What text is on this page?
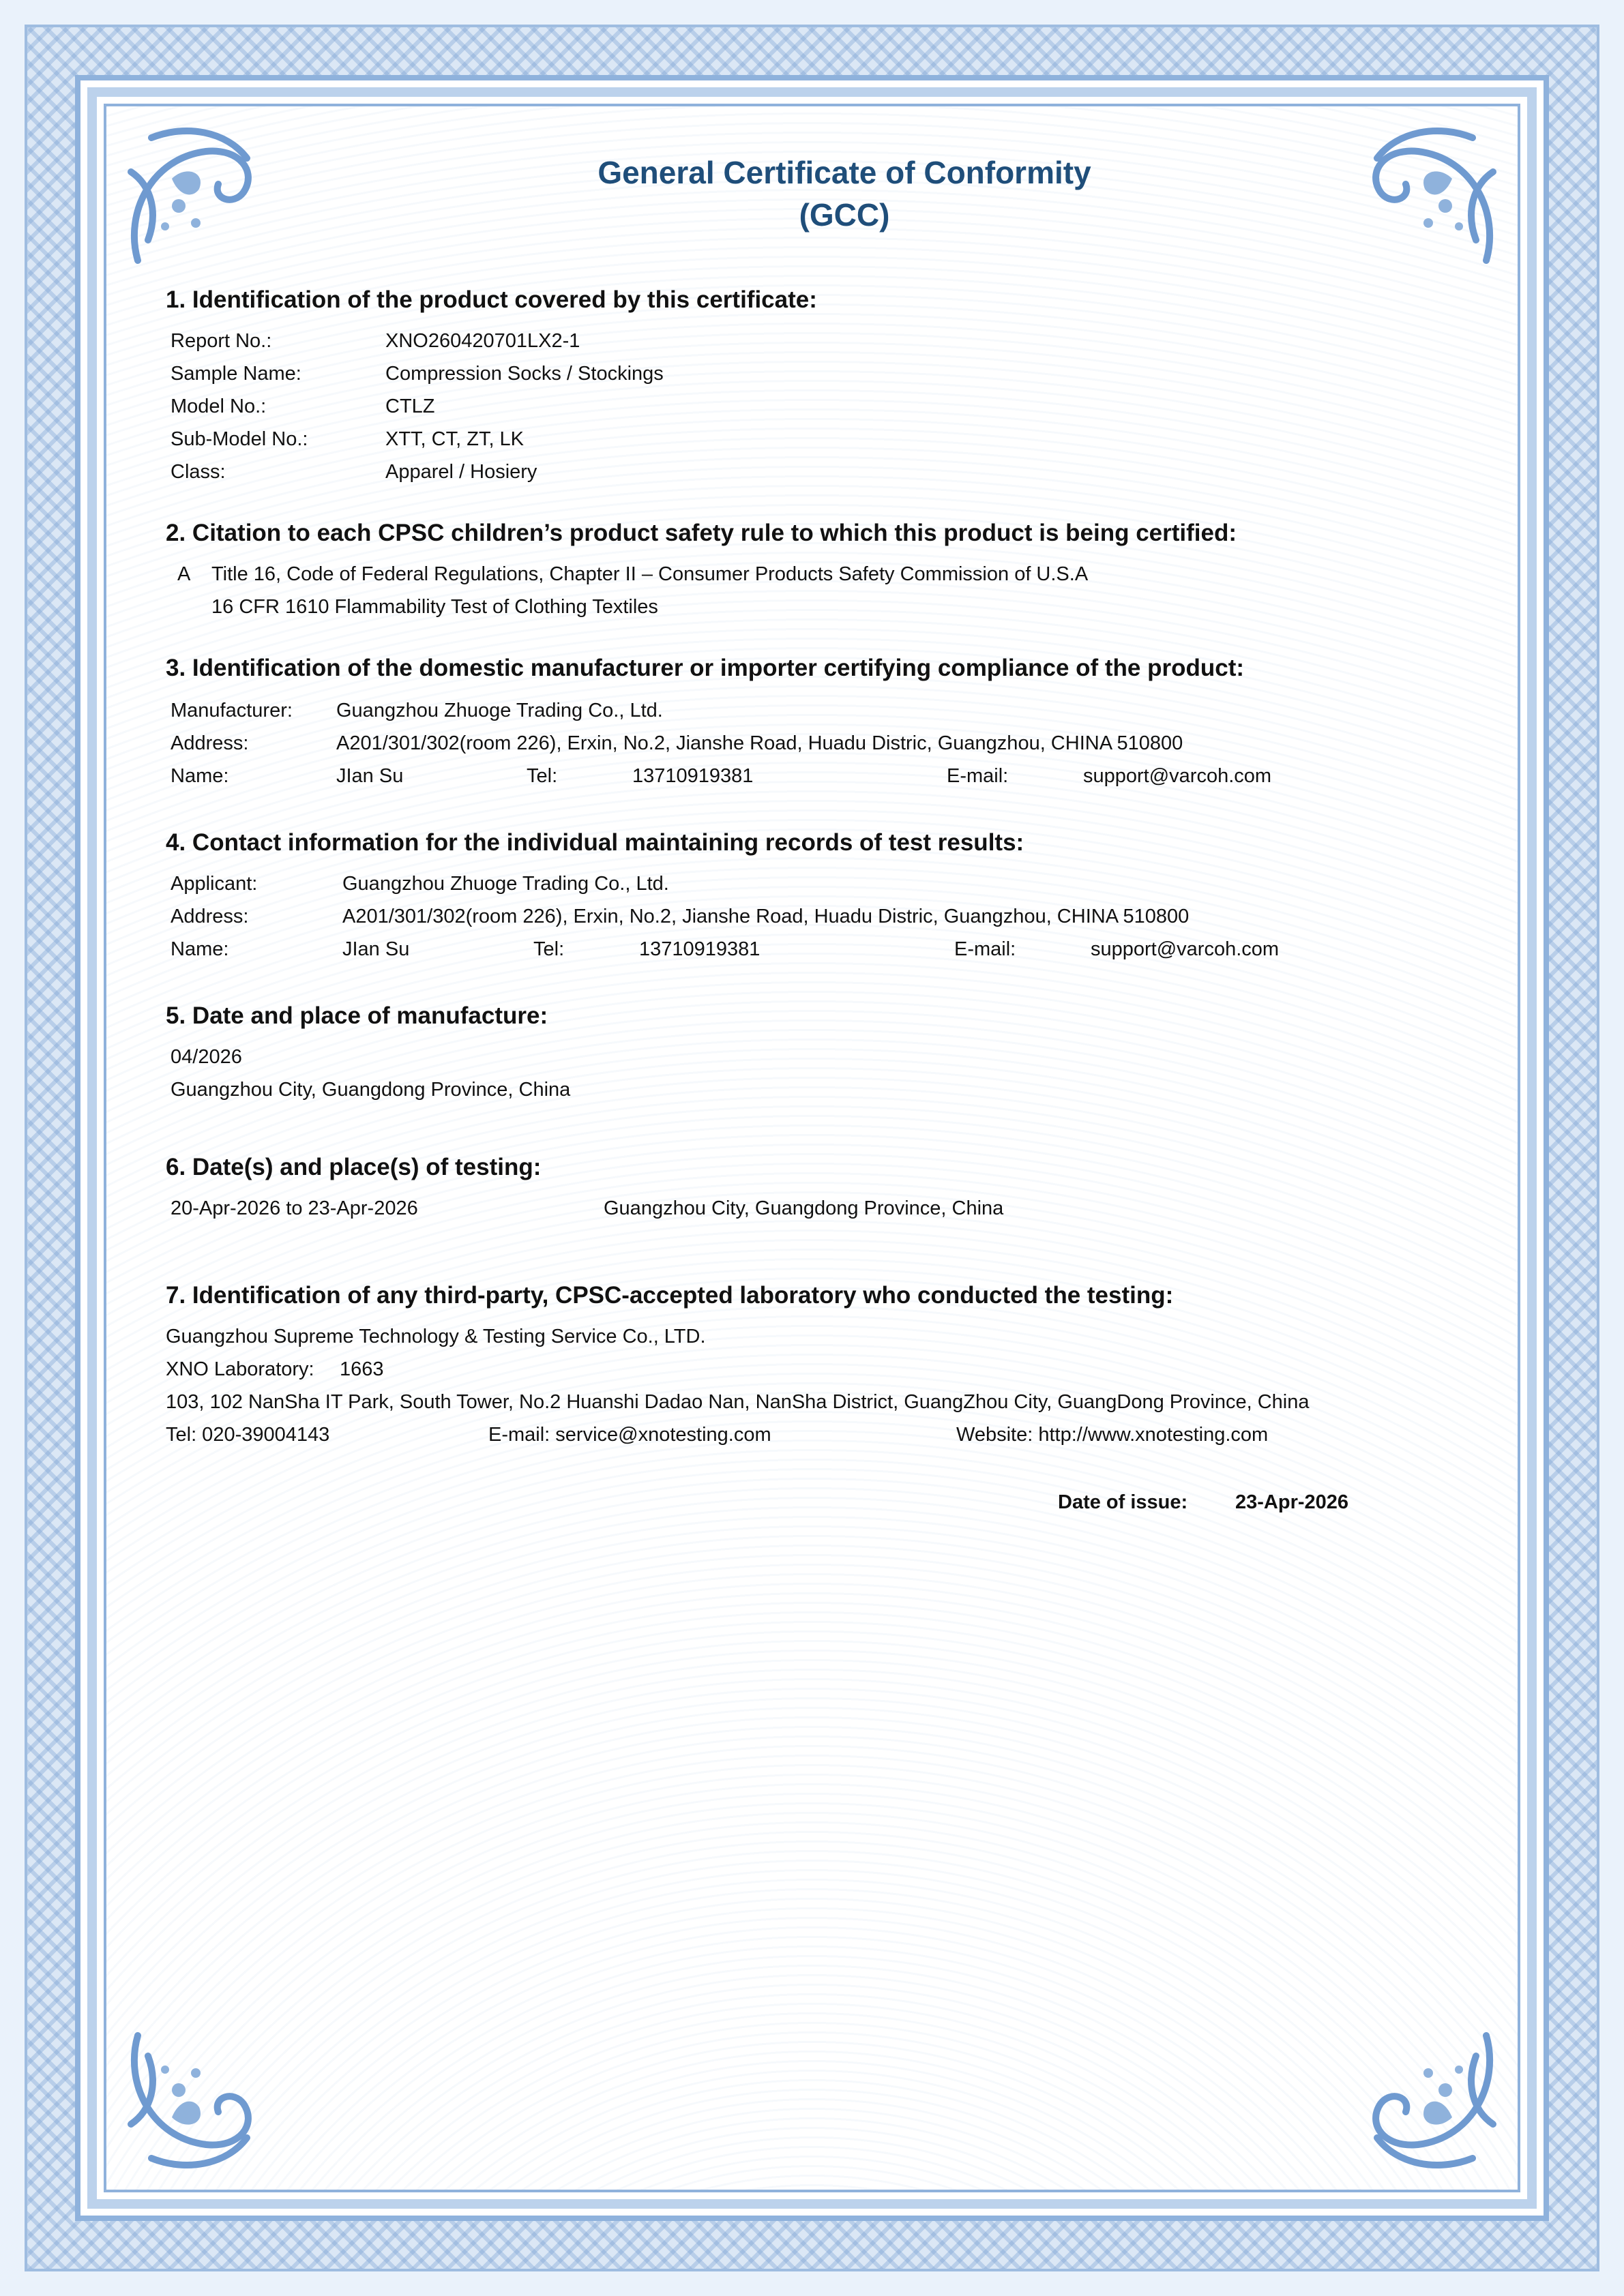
General Certificate of Conformity
(GCC)
1. Identification of the product covered by this certificate:
Report No.:	XNO260420701LX2-1
Sample Name:	Compression Socks / Stockings
Model No.:	CTLZ
Sub-Model No.:	XTT, CT, ZT, LK
Class:	Apparel / Hosiery
2. Citation to each CPSC children’s product safety rule to which this product is being certified:
A Title 16, Code of Federal Regulations, Chapter II – Consumer Products Safety Commission of U.S.A
16 CFR 1610 Flammability Test of Clothing Textiles
3. Identification of the domestic manufacturer or importer certifying compliance of the product:
Manufacturer: Guangzhou Zhuoge Trading Co., Ltd.
Address:	A201/301/302(room 226), Erxin, No.2, Jianshe Road, Huadu Distric, Guangzhou, CHINA 510800
Name:	JIan Su	Tel:	13710919381	E-mail:	support@varcoh.com
4. Contact information for the individual maintaining records of test results:
Applicant:	Guangzhou Zhuoge Trading Co., Ltd.
Address:	A201/301/302(room 226), Erxin, No.2, Jianshe Road, Huadu Distric, Guangzhou, CHINA 510800
Name:	JIan Su	Tel:	13710919381	E-mail:	support@varcoh.com
5. Date and place of manufacture:
04/2026
Guangzhou City, Guangdong Province, China
6. Date(s) and place(s) of testing:
20-Apr-2026 to 23-Apr-2026	Guangzhou City, Guangdong Province, China
7. Identification of any third-party, CPSC-accepted laboratory who conducted the testing:
Guangzhou Supreme Technology & Testing Service Co., LTD.
XNO Laboratory: 1663
103, 102 NanSha IT Park, South Tower, No.2 Huanshi Dadao Nan, NanSha District, GuangZhou City, GuangDong Province, China
Tel: 020-39004143	E-mail: service@xnotesting.com	Website: http://www.xnotesting.com
Date of issue: 23-Apr-2026
